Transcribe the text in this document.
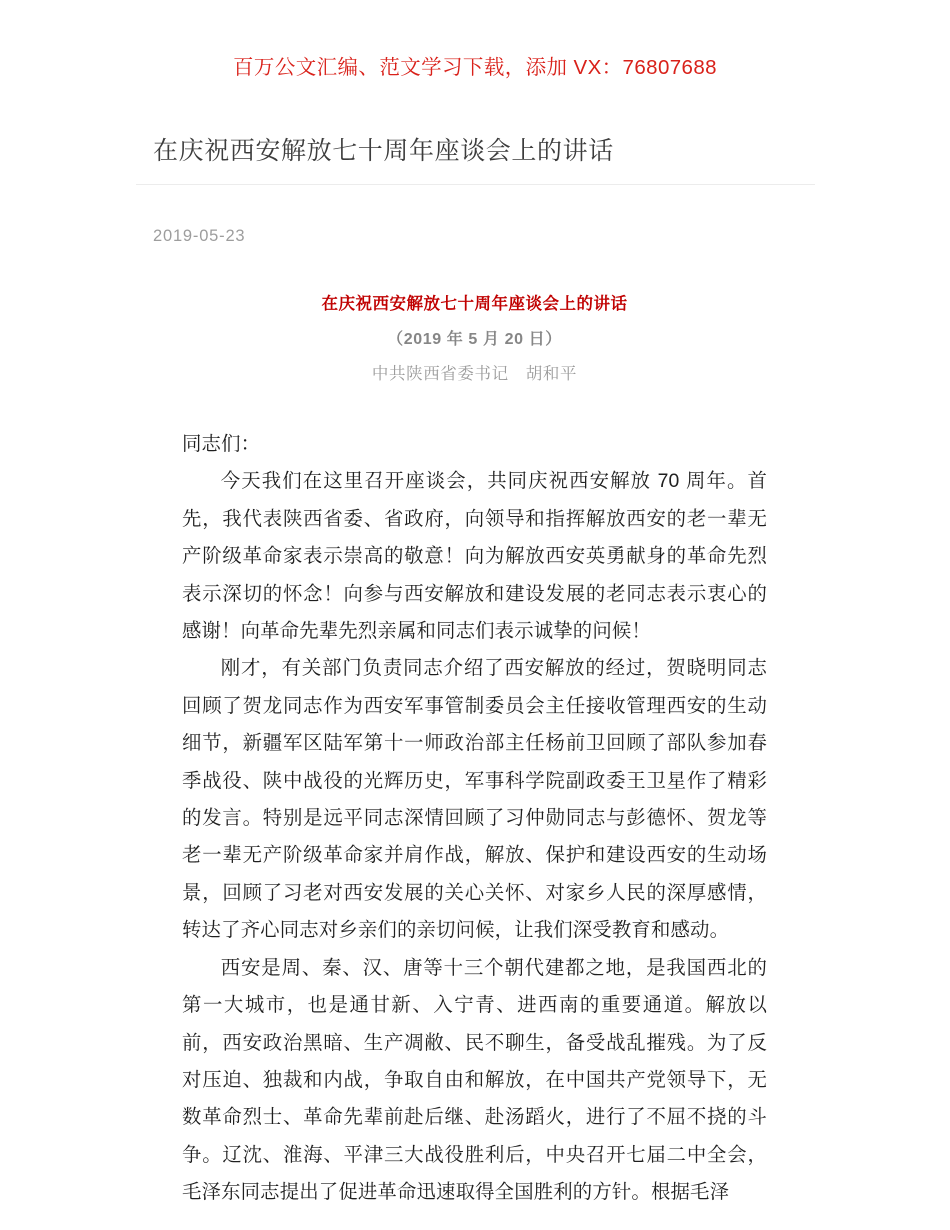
百万公文汇编、范文学习下载，添加 VX：76807688
在庆祝西安解放七十周年座谈会上的讲话
2019-05-23
在庆祝西安解放七十周年座谈会上的讲话
（2019 年 5 月 20 日）
中共陕西省委书记　胡和平

同志们：

今天我们在这里召开座谈会，共同庆祝西安解放 70 周年。首先，我代表陕西省委、省政府，向领导和指挥解放西安的老一辈无产阶级革命家表示崇高的敬意！向为解放西安英勇献身的革命先烈表示深切的怀念！向参与西安解放和建设发展的老同志表示衷心的感谢！向革命先辈先烈亲属和同志们表示诚挚的问候！

刚才，有关部门负责同志介绍了西安解放的经过，贺晓明同志回顾了贺龙同志作为西安军事管制委员会主任接收管理西安的生动细节，新疆军区陆军第十一师政治部主任杨前卫回顾了部队参加春季战役、陕中战役的光辉历史，军事科学院副政委王卫星作了精彩的发言。特别是远平同志深情回顾了习仲勋同志与彭德怀、贺龙等老一辈无产阶级革命家并肩作战，解放、保护和建设西安的生动场景，回顾了习老对西安发展的关心关怀、对家乡人民的深厚感情，转达了齐心同志对乡亲们的亲切问候，让我们深受教育和感动。

西安是周、秦、汉、唐等十三个朝代建都之地，是我国西北的第一大城市，也是通甘新、入宁青、进西南的重要通道。解放以前，西安政治黑暗、生产凋敝、民不聊生，备受战乱摧残。为了反对压迫、独裁和内战，争取自由和解放，在中国共产党领导下，无数革命烈士、革命先辈前赴后继、赴汤蹈火，进行了不屈不挠的斗争。辽沈、淮海、平津三大战役胜利后，中央召开七届二中全会，毛泽东同志提出了促进革命迅速取得全国胜利的方针。根据毛泽
